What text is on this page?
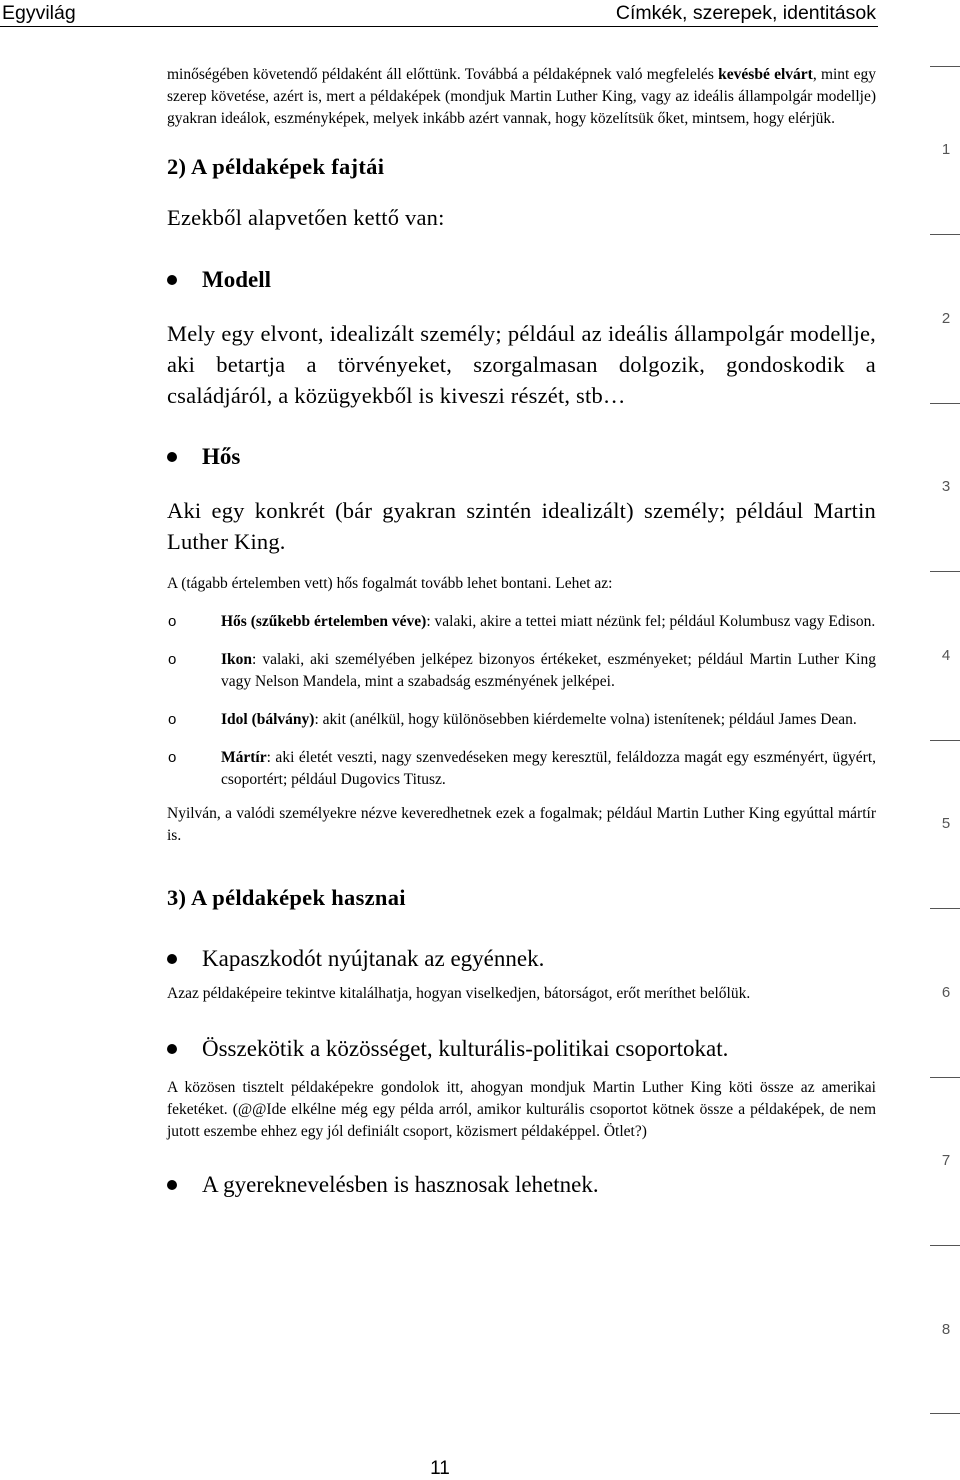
Egyvilág	Címkék, szerepek, identitások

minőségében követendő példaként áll előttünk. Továbbá a példaképnek való megfelelés kevésbé elvárt, mint egy szerep követése, azért is, mert a példaképek (mondjuk Martin Luther King, vagy az ideális állampolgár modellje) gyakran ideálok, eszményképek, melyek inkább azért vannak, hogy közelítsük őket, mintsem, hogy elérjük.

2) A példaképek fajtái

Ezekből alapvetően kettő van:

Modell

Mely egy elvont, idealizált személy; például az ideális állampolgár modellje, aki betartja a törvényeket, szorgalmasan dolgozik, gondoskodik a családjáról, a közügyekből is kiveszi részét, stb…

Hős

Aki egy konkrét (bár gyakran szintén idealizált) személy; például Martin Luther King.

A (tágabb értelemben vett) hős fogalmát tovább lehet bontani. Lehet az:

o	Hős (szűkebb értelemben véve): valaki, akire a tettei miatt nézünk fel; például Kolumbusz vagy Edison.

o	Ikon: valaki, aki személyében jelképez bizonyos értékeket, eszményeket; például Martin Luther King vagy Nelson Mandela, mint a szabadság eszményének jelképei.

o	Idol (bálvány): akit (anélkül, hogy különösebben kiérdemelte volna) istenítenek; például James Dean.

o	Mártír: aki életét veszti, nagy szenvedéseken megy keresztül, feláldozza magát egy eszményért, ügyért, csoportért; például Dugovics Titusz.

Nyilván, a valódi személyekre nézve keveredhetnek ezek a fogalmak; például Martin Luther King egyúttal mártír is.

3) A példaképek hasznai

Kapaszkodót nyújtanak az egyénnek.

Azaz példaképeire tekintve kitalálhatja, hogyan viselkedjen, bátorságot, erőt meríthet belőlük.

Összekötik a közösséget, kulturális-politikai csoportokat.

A közösen tisztelt példaképekre gondolok itt, ahogyan mondjuk Martin Luther King köti össze az amerikai feketéket. (@@Ide elkélne még egy példa arról, amikor kulturális csoportot kötnek össze a példaképek, de nem jutott eszembe ehhez egy jól definiált csoport, közismert példaképpel. Ötlet?)

A gyereknevelésben is hasznosak lehetnek.

1
2
3
4
5
6
7
8
11
